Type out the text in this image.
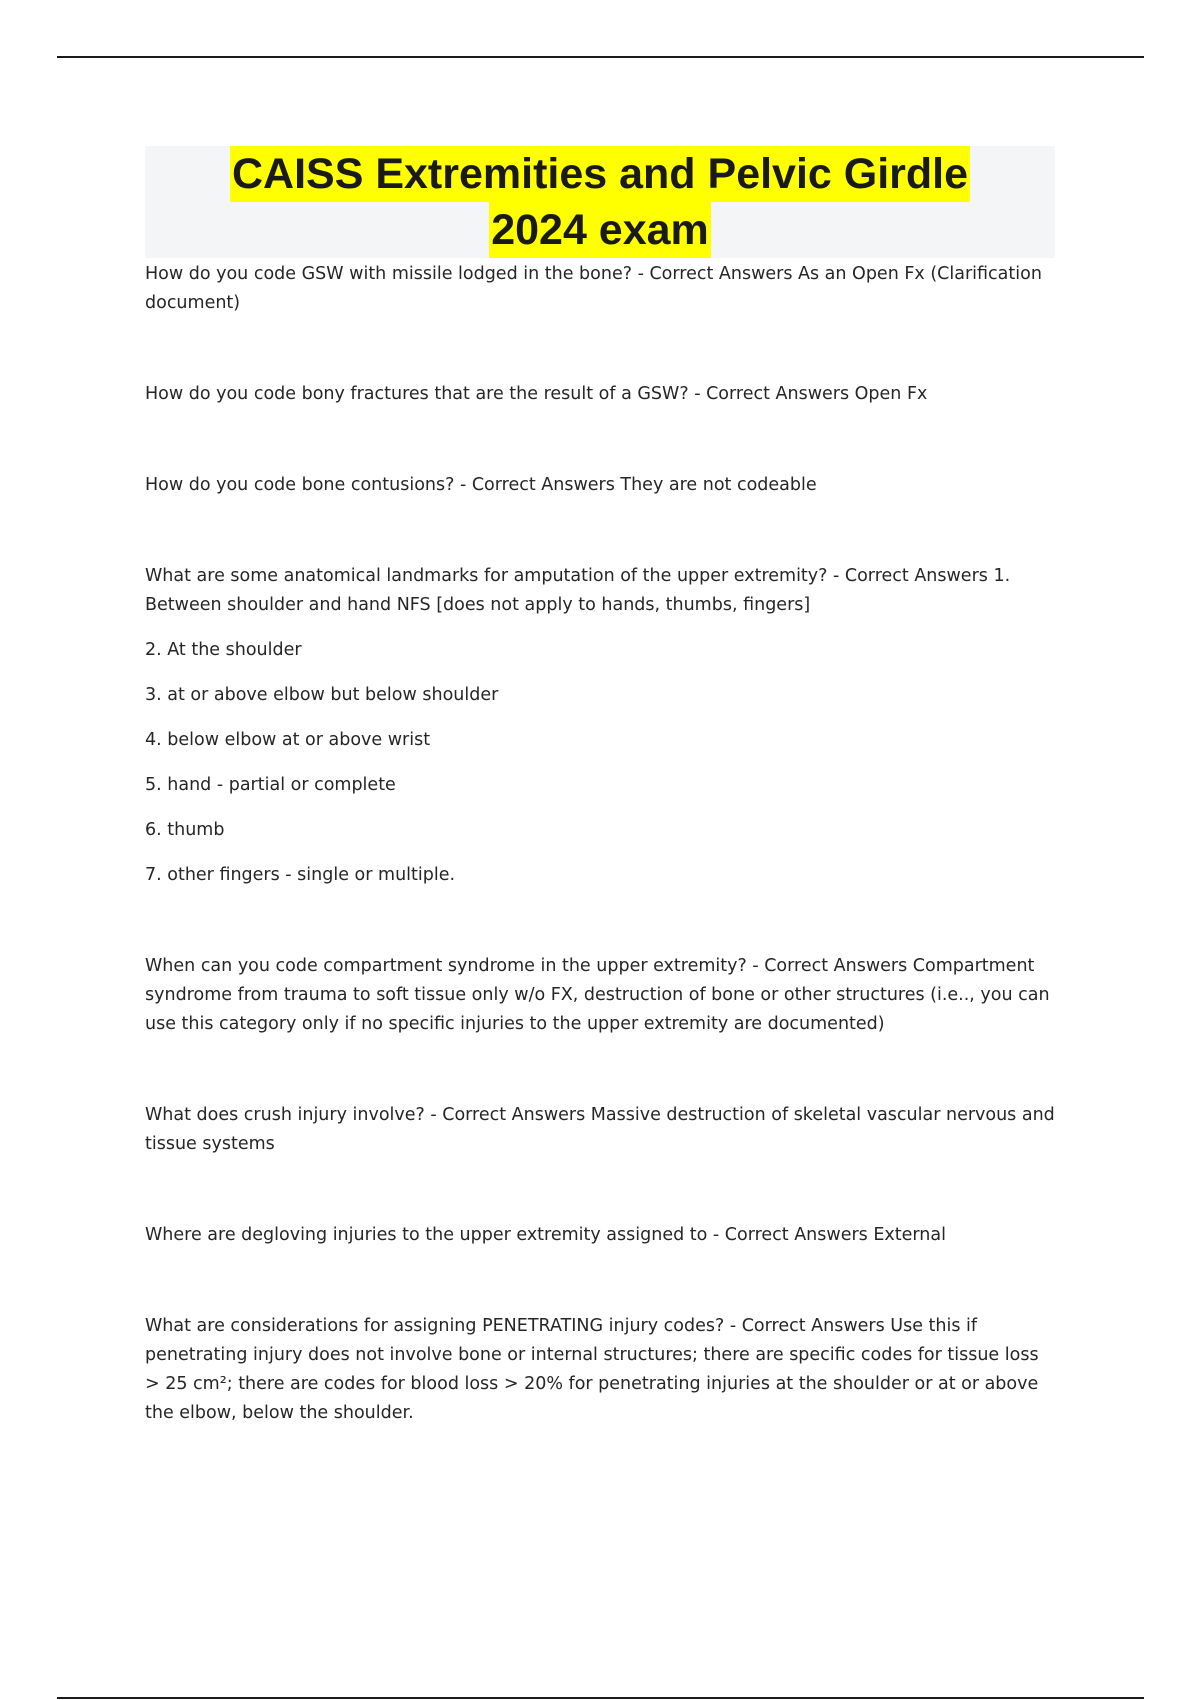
CAISS Extremities and Pelvic Girdle
2024 exam

How do you code GSW with missile lodged in the bone? - Correct Answers As an Open Fx (Clarification document)

How do you code bony fractures that are the result of a GSW? - Correct Answers Open Fx

How do you code bone contusions? - Correct Answers They are not codeable

What are some anatomical landmarks for amputation of the upper extremity? - Correct Answers 1. Between shoulder and hand NFS [does not apply to hands, thumbs, fingers]

2. At the shoulder

3. at or above elbow but below shoulder

4. below elbow at or above wrist

5. hand - partial or complete

6. thumb

7. other fingers - single or multiple.

When can you code compartment syndrome in the upper extremity? - Correct Answers Compartment syndrome from trauma to soft tissue only w/o FX, destruction of bone or other structures (i.e.., you can use this category only if no specific injuries to the upper extremity are documented)

What does crush injury involve? - Correct Answers Massive destruction of skeletal vascular nervous and tissue systems

Where are degloving injuries to the upper extremity assigned to - Correct Answers External

What are considerations for assigning PENETRATING injury codes? - Correct Answers Use this if penetrating injury does not involve bone or internal structures; there are specific codes for tissue loss > 25 cm²; there are codes for blood loss > 20% for penetrating injuries at the shoulder or at or above the elbow, below the shoulder.
